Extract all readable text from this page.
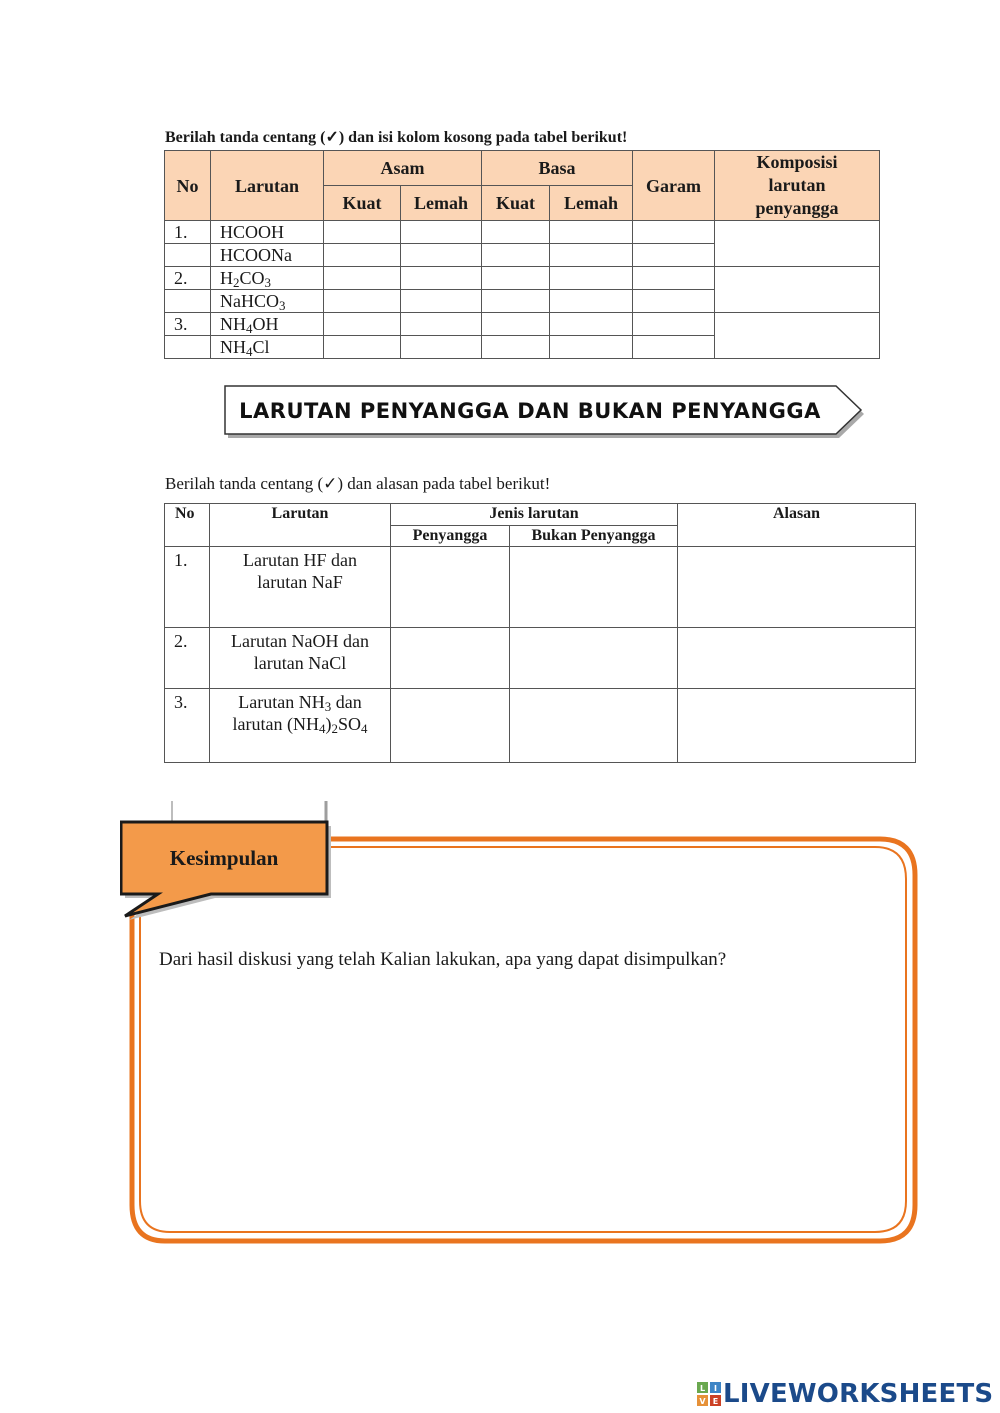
Berilah tanda centang (✓) dan isi kolom kosong pada tabel berikut!
No	Larutan	Asam		Basa		Garam	Komposisi
larutan
penyangga

		Kuat	Lemah	Kuat	Lemah		
1.	HCOOH						
	HCOONa						
2.	$H_2CO_3$						
	NaHCO$_3$					
3.	$NH_4OH$						
	$NH_4Cl$						
LARUTAN PENYANGGA DAN BUKAN PENYANGGA
Berilah tanda centang (✓) dan alasan pada tabel berikut!
No	Larutan	Jenis larutan		Alasan
		Penyangga	Bukan Penyangga	
1.	Larutan HF dan
larutan NaF			

2.	Larutan NaOH dan
larutan NaCl			

3.	Larutan $NH_3$ dan
larutan $(NH_4)_2SO_4$

Kesimpulan
Dari hasil diskusi yang telah Kalian lakukan, apa yang dapat disimpulkan?
L I
V E LIVEWORKSHEETS
